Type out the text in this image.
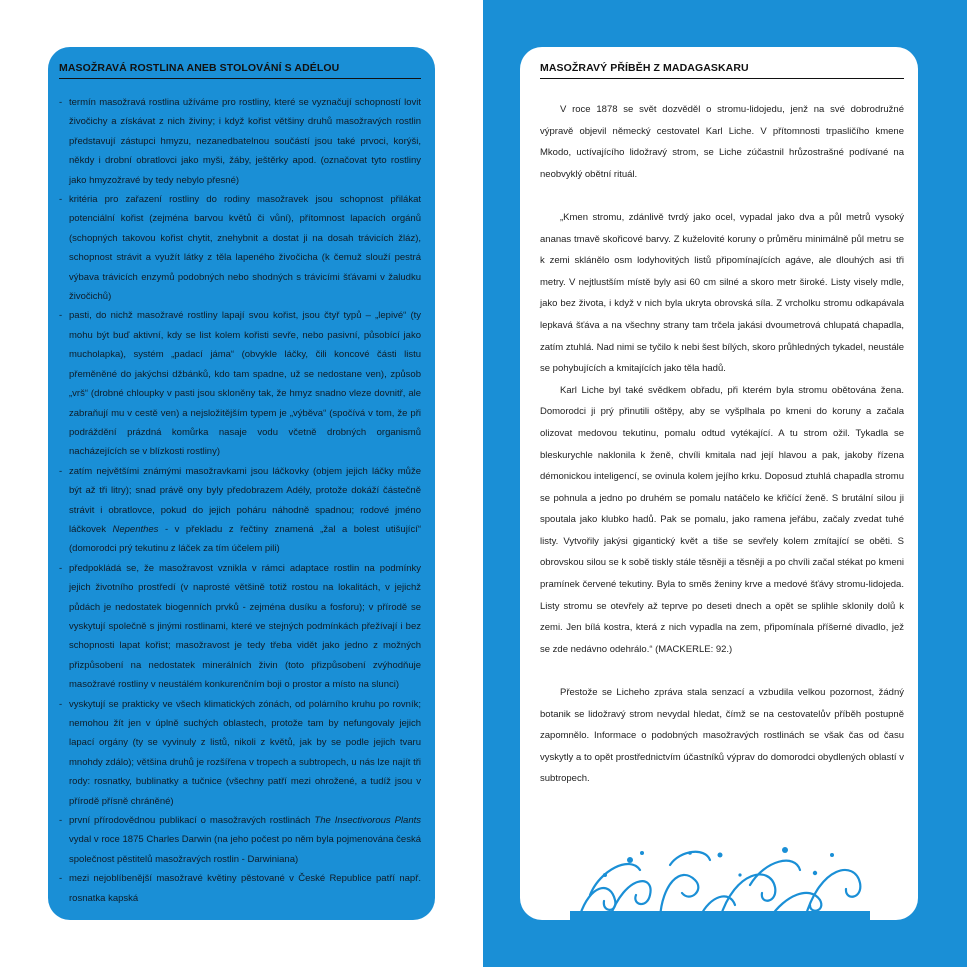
MASOŽRAVÁ ROSTLINA ANEB STOLOVÁNÍ S ADÉLOU
- termín masožravá rostlina užíváme pro rostliny, které se vyznačují schopností lovit živočichy a získávat z nich živiny; i když kořist většiny druhů masožravých rostlin představují zástupci hmyzu, nezanedbatelnou součástí jsou také prvoci, korýši, někdy i drobní obratlovci jako myši, žáby, ještěrky apod. (označovat tyto rostliny jako hmyzožravé by tedy nebylo přesné)
- kritéria pro zařazení rostliny do rodiny masožravek jsou schopnost přilákat potenciální kořist (zejména barvou květů či vůní), přítomnost lapacích orgánů (schopných takovou kořist chytit, znehybnit a dostat ji na dosah trávicích žláz), schopnost strávit a využít látky z těla lapeného živočicha (k čemuž slouží pestrá výbava trávicích enzymů podobných nebo shodných s trávicími šťávami v žaludku živočichů)
- pasti, do nichž masožravé rostliny lapají svou kořist, jsou čtyř typů – „lepivé“ (ty mohu být buď aktivní, kdy se list kolem kořisti sevře, nebo pasivní, působící jako mucholapka), systém „padací jáma“ (obvykle láčky, čili koncové části listu přeměněné do jakýchsi džbánků, kdo tam spadne, už se nedostane ven), způsob „vrš“ (drobné chloupky v pasti jsou skloněny tak, že hmyz snadno vleze dovnitř, ale zabraňují mu v cestě ven) a nejsložitějším typem je „výběva“ (spočívá v tom, že při podráždění prázdná komůrka nasaje vodu včetně drobných organismů nacházejících se v blízkosti rostliny)
- zatím největšími známými masožravkami jsou láčkovky (objem jejich láčky může být až tři litry); snad právě ony byly předobrazem Adély, protože dokáží částečně strávit i obratlovce, pokud do jejich poháru náhodně spadnou; rodové jméno láčkovek Nepenthes - v překladu z řečtiny znamená „žal a bolest utišující“ (domorodci prý tekutinu z láček za tím účelem pili)
- předpokládá se, že masožravost vznikla v rámci adaptace rostlin na podmínky jejich životního prostředí (v naprosté většině totiž rostou na lokalitách, v jejichž půdách je nedostatek biogenních prvků - zejména dusíku a fosforu); v přírodě se vyskytují společně s jinými rostlinami, které ve stejných podmínkách přežívají i bez schopnosti lapat kořist; masožravost je tedy třeba vidět jako jedno z možných přizpůsobení na nedostatek minerálních živin (toto přizpůsobení zvýhodňuje masožravé rostliny v neustálém konkurenčním boji o prostor a místo na slunci)
- vyskytují se prakticky ve všech klimatických zónách, od polárního kruhu po rovník; nemohou žít jen v úplně suchých oblastech, protože tam by nefungovaly jejich lapací orgány (ty se vyvinuly z listů, nikoli z květů, jak by se podle jejich tvaru mnohdy zdálo); většina druhů je rozšířena v tropech a subtropech, u nás lze najít tři rody: rosnatky, bublinatky a tučnice (všechny patří mezi ohrožené, a tudíž jsou v přírodě přísně chráněné)
- první přírodovědnou publikací o masožravých rostlinách The Insectivorous Plants vydal v roce 1875 Charles Darwin (na jeho počest po něm byla pojmenována česká společnost pěstitelů masožravých rostlin - Darwiniana)
- mezi nejoblíbenější masožravé květiny pěstované v České Republice patří např. rosnatka kapská
MASOŽRAVÝ PŘÍBĚH Z MADAGASKARU

V roce 1878 se svět dozvěděl o stromu-lidojedu, jenž na své dobrodružné výpravě objevil německý cestovatel Karl Liche. V přítomnosti trpasličího kmene Mkodo, uctívajícího lidožravý strom, se Liche zúčastnil hrůzostrašné podívané na neobvyklý obětní rituál.

„Kmen stromu, zdánlivě tvrdý jako ocel, vypadal jako dva a půl metrů vysoký ananas tmavě skořicové barvy. Z kuželovité koruny o průměru minimálně půl metru se k zemi sklánělo osm lodyhovitých listů připomínajících agáve, ale dlouhých asi tři metry. V nejtlustším místě byly asi 60 cm silné a skoro metr široké. Listy visely mdle, jako bez života, i když v nich byla ukryta obrovská síla. Z vrcholku stromu odkapávala lepkavá šťáva a na všechny strany tam trčela jakási dvoumetrová chlupatá chapadla, zatím ztuhlá. Nad nimi se tyčilo k nebi šest bílých, skoro průhledných tykadel, neustále se pohybujících a kmitajících jako těla hadů.

Karl Liche byl také svědkem obřadu, při kterém byla stromu obětována žena. Domorodci ji prý přinutili oštěpy, aby se vyšplhala po kmeni do koruny a začala olizovat medovou tekutinu, pomalu odtud vytékající. A tu strom ožil. Tykadla se bleskurychle naklonila k ženě, chvíli kmitala nad její hlavou a pak, jakoby řízena démonickou inteligencí, se ovinula kolem jejího krku. Doposud ztuhlá chapadla stromu se pohnula a jedno po druhém se pomalu natáčelo ke křičící ženě. S brutální silou ji spoutala jako klubko hadů. Pak se pomalu, jako ramena jeřábu, začaly zvedat tuhé listy. Vytvořily jakýsi gigantický květ a tiše se sevřely kolem zmítající se oběti. S obrovskou silou se k sobě tiskly stále těsněji a těsněji a po chvíli začal stékat po kmeni pramínek červené tekutiny. Byla to směs ženiny krve a medové šťávy stromu-lidojeda. Listy stromu se otevřely až teprve po deseti dnech a opět se splihle sklonily dolů k zemi. Jen bílá kostra, která z nich vypadla na zem, připomínala příšerné divadlo, jež se zde nedávno odehrálo.“ (MACKERLE: 92.)

Přestože se Licheho zpráva stala senzací a vzbudila velkou pozornost, žádný botanik se lidožravý strom nevydal hledat, čímž se na cestovatelův příběh postupně zapomnělo. Informace o podobných masožravých rostlinách se však čas od času vyskytly a to opět prostřednictvím účastníků výprav do domorodci obydlených oblastí v subtropech.
